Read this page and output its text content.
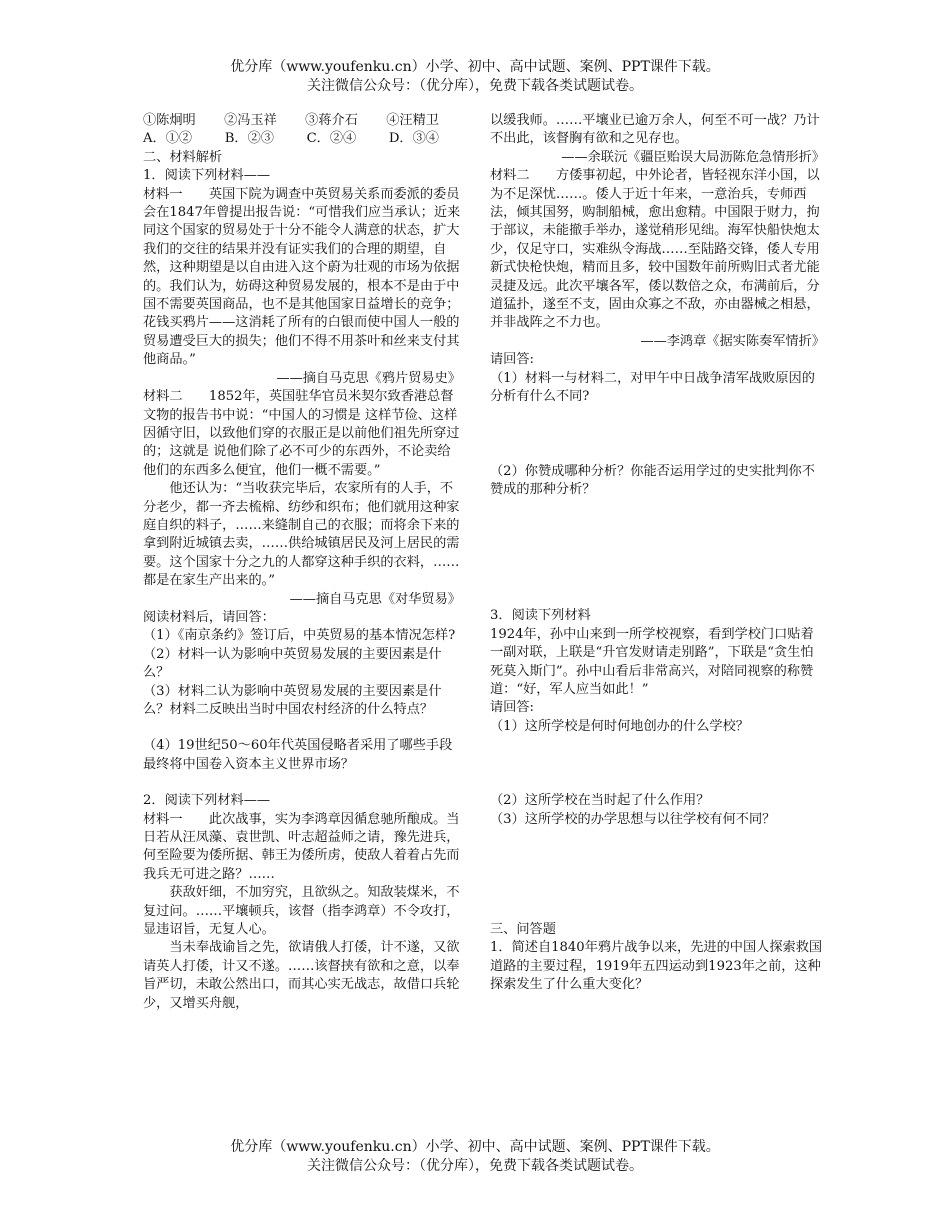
优分库（www.youfenku.cn）小学、初中、高中试题、案例、PPT课件下载。
关注微信公众号：（优分库），免费下载各类试题试卷。

①陈炯明 ②冯玉祥 ③蒋介石 ④汪精卫

A．①② B．②③ C．②④ D．③④

二、材料解析

1．阅读下列材料——

材料一　　英国下院为调查中英贸易关系而委派的委员会在1847年曾提出报告说：“可惜我们应当承认；近来同这个国家的贸易处于十分不能令人满意的状态，扩大我们的交往的结果并没有证实我们的合理的期望，自然，这种期望是以自由进入这个蔚为壮观的市场为依据的。我们认为，妨碍这种贸易发展的，根本不是由于中国不需要英国商品，也不是其他国家日益增长的竞争；花钱买鸦片——这消耗了所有的白银而使中国人一般的贸易遭受巨大的损失；他们不得不用茶叶和丝来支付其他商品。”

——摘自马克思《鸦片贸易史》

材料二　　1852年，英国驻华官员米契尔致香港总督文物的报告书中说：“中国人的习惯是 这样节俭、这样因循守旧，以致他们穿的衣服正是以前他们祖先所穿过的；这就是 说他们除了必不可少的东西外，不论卖给他们的东西多么便宜，他们一概不需要。”

他还认为：“当收获完毕后，农家所有的人手，不分老少，都一齐去梳棉、纺纱和织布；他们就用这种家庭自织的料子，……来缝制自己的衣服；而将余下来的拿到附近城镇去卖，……供给城镇居民及河上居民的需要。这个国家十分之九的人都穿这种手织的衣料，……都是在家生产出来的。”

——摘自马克思《对华贸易》

阅读材料后，请回答：

（1）《南京条约》签订后，中英贸易的基本情况怎样?

（2）材料一认为影响中英贸易发展的主要因素是什么？

（3）材料二认为影响中英贸易发展的主要因素是什么？材料二反映出当时中国农村经济的什么特点？

（4）19世纪50～60年代英国侵略者采用了哪些手段最终将中国卷入资本主义世界市场？

2．阅读下列材料——

材料一　　此次战事，实为李鸿章因循怠驰所酿成。当日若从汪凤藻、袁世凯、叶志超益师之请，豫先进兵，何至险要为倭所据、韩王为倭所虏，使敌人着着占先而我兵无可进之路？……

获敌奸细，不加穷究，且欲纵之。知敌装煤米，不复过问。……平壤顿兵，该督（指李鸿章）不令攻打，显违诏旨，无复人心。

当未奉战谕旨之先，欲请俄人打倭，计不遂，又欲请英人打倭，计又不遂。……该督挟有欲和之意，以奉旨严切，未敢公然出口，而其心实无战志，故借口兵轮少，又增买舟舰，

以缓我师。……平壤业已逾万余人，何至不可一战？乃计不出此，该督胸有欲和之见存也。

——余联沅《疆臣贻误大局沥陈危急情形折》

材料二　　方倭事初起，中外论者，皆轻视东洋小国，以为不足深忧……。倭人于近十年来，一意治兵，专师西法，倾其国努，购制船械，愈出愈精。中国限于财力，拘于部议，未能撤手举办，遂觉稍形见绌。海军快船快炮太少，仅足守口，实难纵令海战……至陆路交锋，倭人专用新式快枪快炮，精而且多，较中国数年前所购旧式者尤能灵捷及远。此次平壤各军，倭以数倍之众，布满前后，分道猛扑，遂至不支，固由众寡之不敌，亦由器械之相悬，并非战阵之不力也。

——李鸿章《据实陈奏军情折》

请回答:

（1）材料一与材料二，对甲午中日战争清军战败原因的分析有什么不同?

（2）你赞成哪种分析？你能否运用学过的史实批判你不赞成的那种分析？

3．阅读下列材料

1924年，孙中山来到一所学校视察，看到学校门口贴着一副对联，上联是“升官发财请走别路”，下联是“贪生怕死莫入斯门”。孙中山看后非常高兴，对陪同视察的称赞道：“好，军人应当如此！”

请回答:

（1）这所学校是何时何地创办的什么学校？

（2）这所学校在当时起了什么作用？

（3）这所学校的办学思想与以往学校有何不同？

三、问答题

1．简述自1840年鸦片战争以来，先进的中国人探索救国道路的主要过程，1919年五四运动到1923年之前，这种探索发生了什么重大变化？

优分库（www.youfenku.cn）小学、初中、高中试题、案例、PPT课件下载。
关注微信公众号：（优分库），免费下载各类试题试卷。
